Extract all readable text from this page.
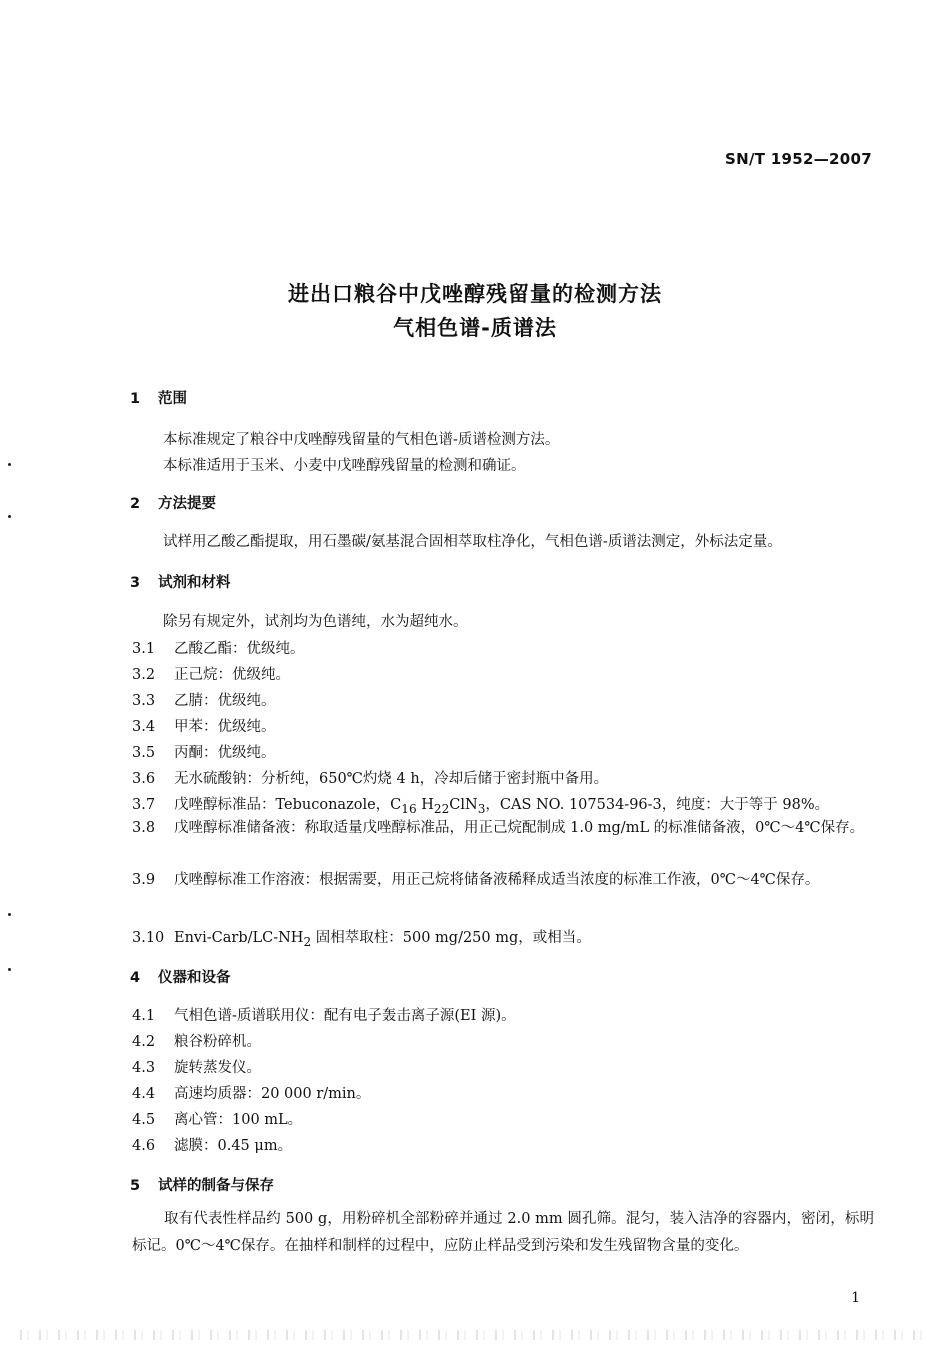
SN/T 1952—2007
进出口粮谷中戊唑醇残留量的检测方法
气相色谱-质谱法
1 范围
本标准规定了粮谷中戊唑醇残留量的气相色谱-质谱检测方法。
本标准适用于玉米、小麦中戊唑醇残留量的检测和确证。
2 方法提要
试样用乙酸乙酯提取，用石墨碳/氨基混合固相萃取柱净化，气相色谱-质谱法测定，外标法定量。
3 试剂和材料
除另有规定外，试剂均为色谱纯，水为超纯水。
3.1 乙酸乙酯：优级纯。
3.2 正己烷：优级纯。
3.3 乙腈：优级纯。
3.4 甲苯：优级纯。
3.5 丙酮：优级纯。
3.6 无水硫酸钠：分析纯，650℃灼烧 4 h，冷却后储于密封瓶中备用。
3.7 戊唑醇标准品：Tebuconazole，$C_{16}$ $H_{22}ClN_3$，CAS NO. 107534-96-3，纯度：大于等于 98%。
3.8 戊唑醇标准储备液：称取适量戊唑醇标准品，用正己烷配制成 1.0 mg/mL 的标准储备液，0℃～4℃保存。
3.9 戊唑醇标准工作溶液：根据需要，用正己烷将储备液稀释成适当浓度的标准工作液，0℃～4℃保存。
3.10 Envi-$Carb/LC-NH_2$ 固相萃取柱：500 mg/250 mg，或相当。
4 仪器和设备
4.1 气相色谱-质谱联用仪：配有电子轰击离子源(EI 源)。
4.2 粮谷粉碎机。
4.3 旋转蒸发仪。
4.4 高速均质器：20 000 r/min。
4.5 离心管：100 mL。
4.6 滤膜：0.45 μm。
5 试样的制备与保存
取有代表性样品约 500 g，用粉碎机全部粉碎并通过 2.0 mm 圆孔筛。混匀，装入洁净的容器内，密闭，标明标记。0℃～4℃保存。在抽样和制样的过程中，应防止样品受到污染和发生残留物含量的变化。
1
